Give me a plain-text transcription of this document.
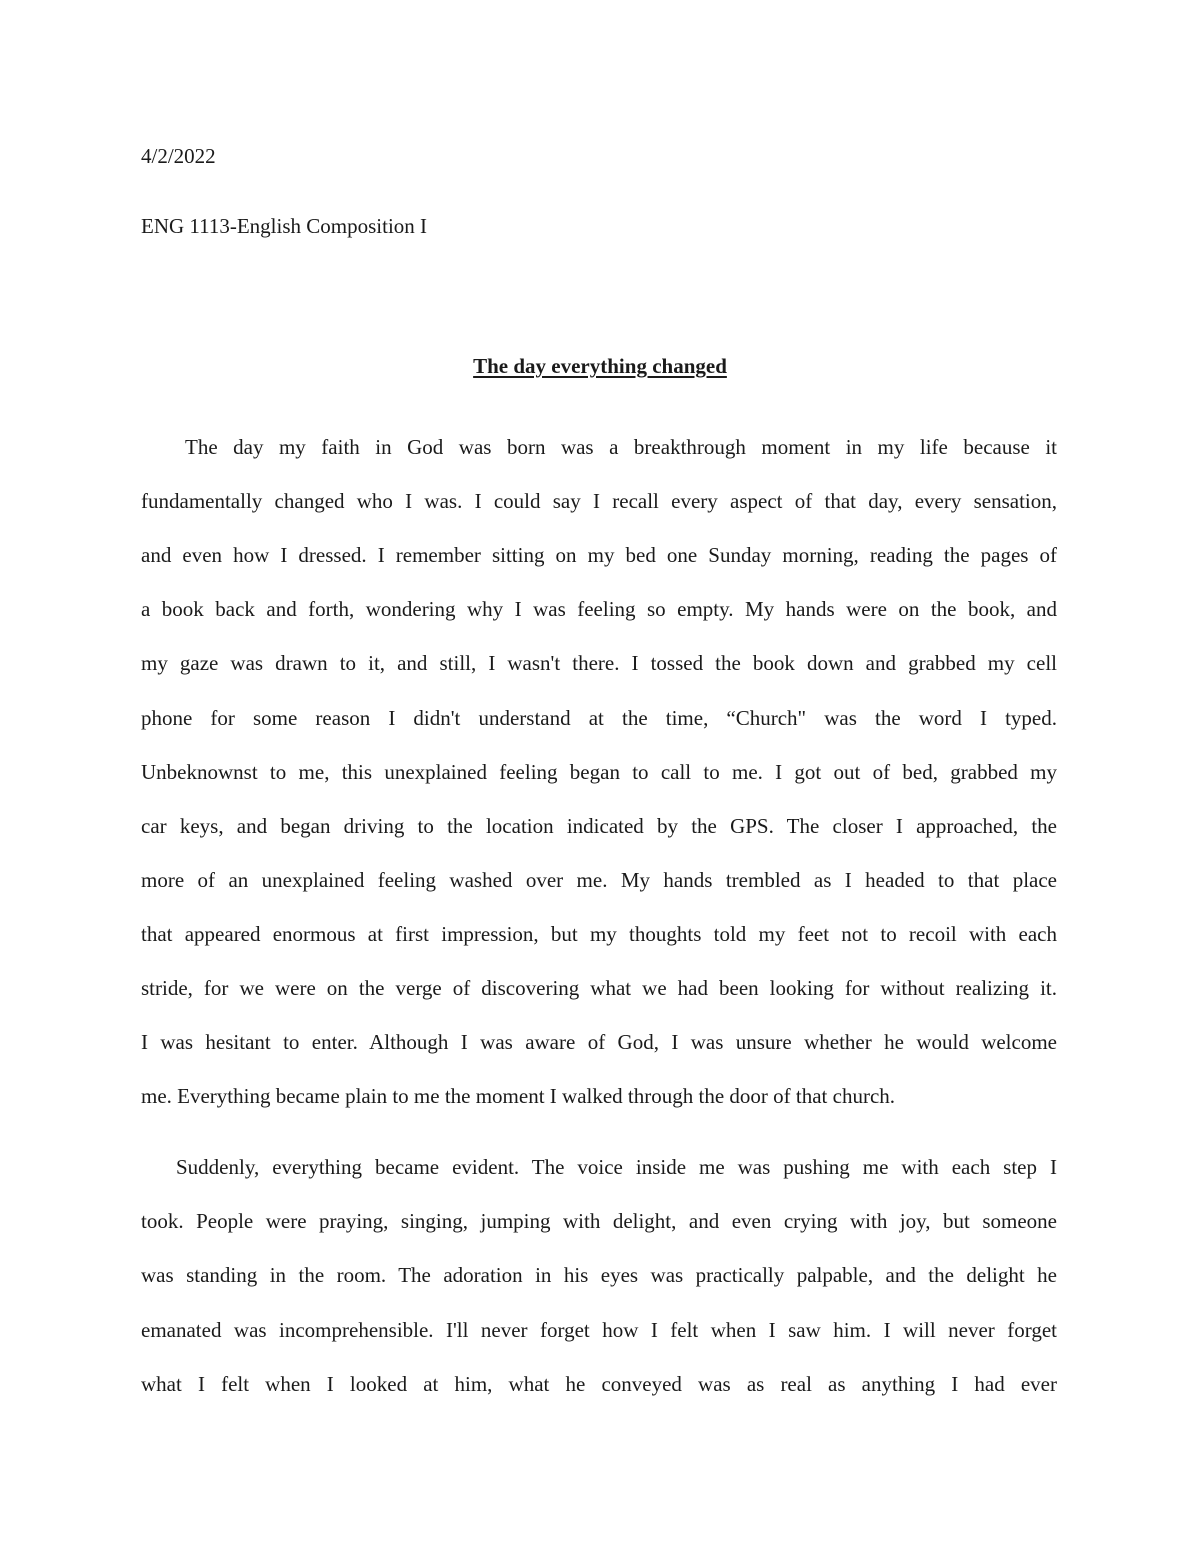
4/2/2022
ENG 1113-English Composition I
The day everything changed
The day my faith in God was born was a breakthrough moment in my life because it
fundamentally changed who I was. I could say I recall every aspect of that day, every sensation,
and even how I dressed. I remember sitting on my bed one Sunday morning, reading the pages of
a book back and forth, wondering why I was feeling so empty. My hands were on the book, and
my gaze was drawn to it, and still, I wasn't there. I tossed the book down and grabbed my cell
phone for some reason I didn't understand at the time, “Church" was the word I typed.
Unbeknownst to me, this unexplained feeling began to call to me. I got out of bed, grabbed my
car keys, and began driving to the location indicated by the GPS. The closer I approached, the
more of an unexplained feeling washed over me. My hands trembled as I headed to that place
that appeared enormous at first impression, but my thoughts told my feet not to recoil with each
stride, for we were on the verge of discovering what we had been looking for without realizing it.
I was hesitant to enter. Although I was aware of God, I was unsure whether he would welcome
me. Everything became plain to me the moment I walked through the door of that church.
Suddenly, everything became evident. The voice inside me was pushing me with each step I
took. People were praying, singing, jumping with delight, and even crying with joy, but someone
was standing in the room. The adoration in his eyes was practically palpable, and the delight he
emanated was incomprehensible. I'll never forget how I felt when I saw him. I will never forget
what I felt when I looked at him, what he conveyed was as real as anything I had ever
